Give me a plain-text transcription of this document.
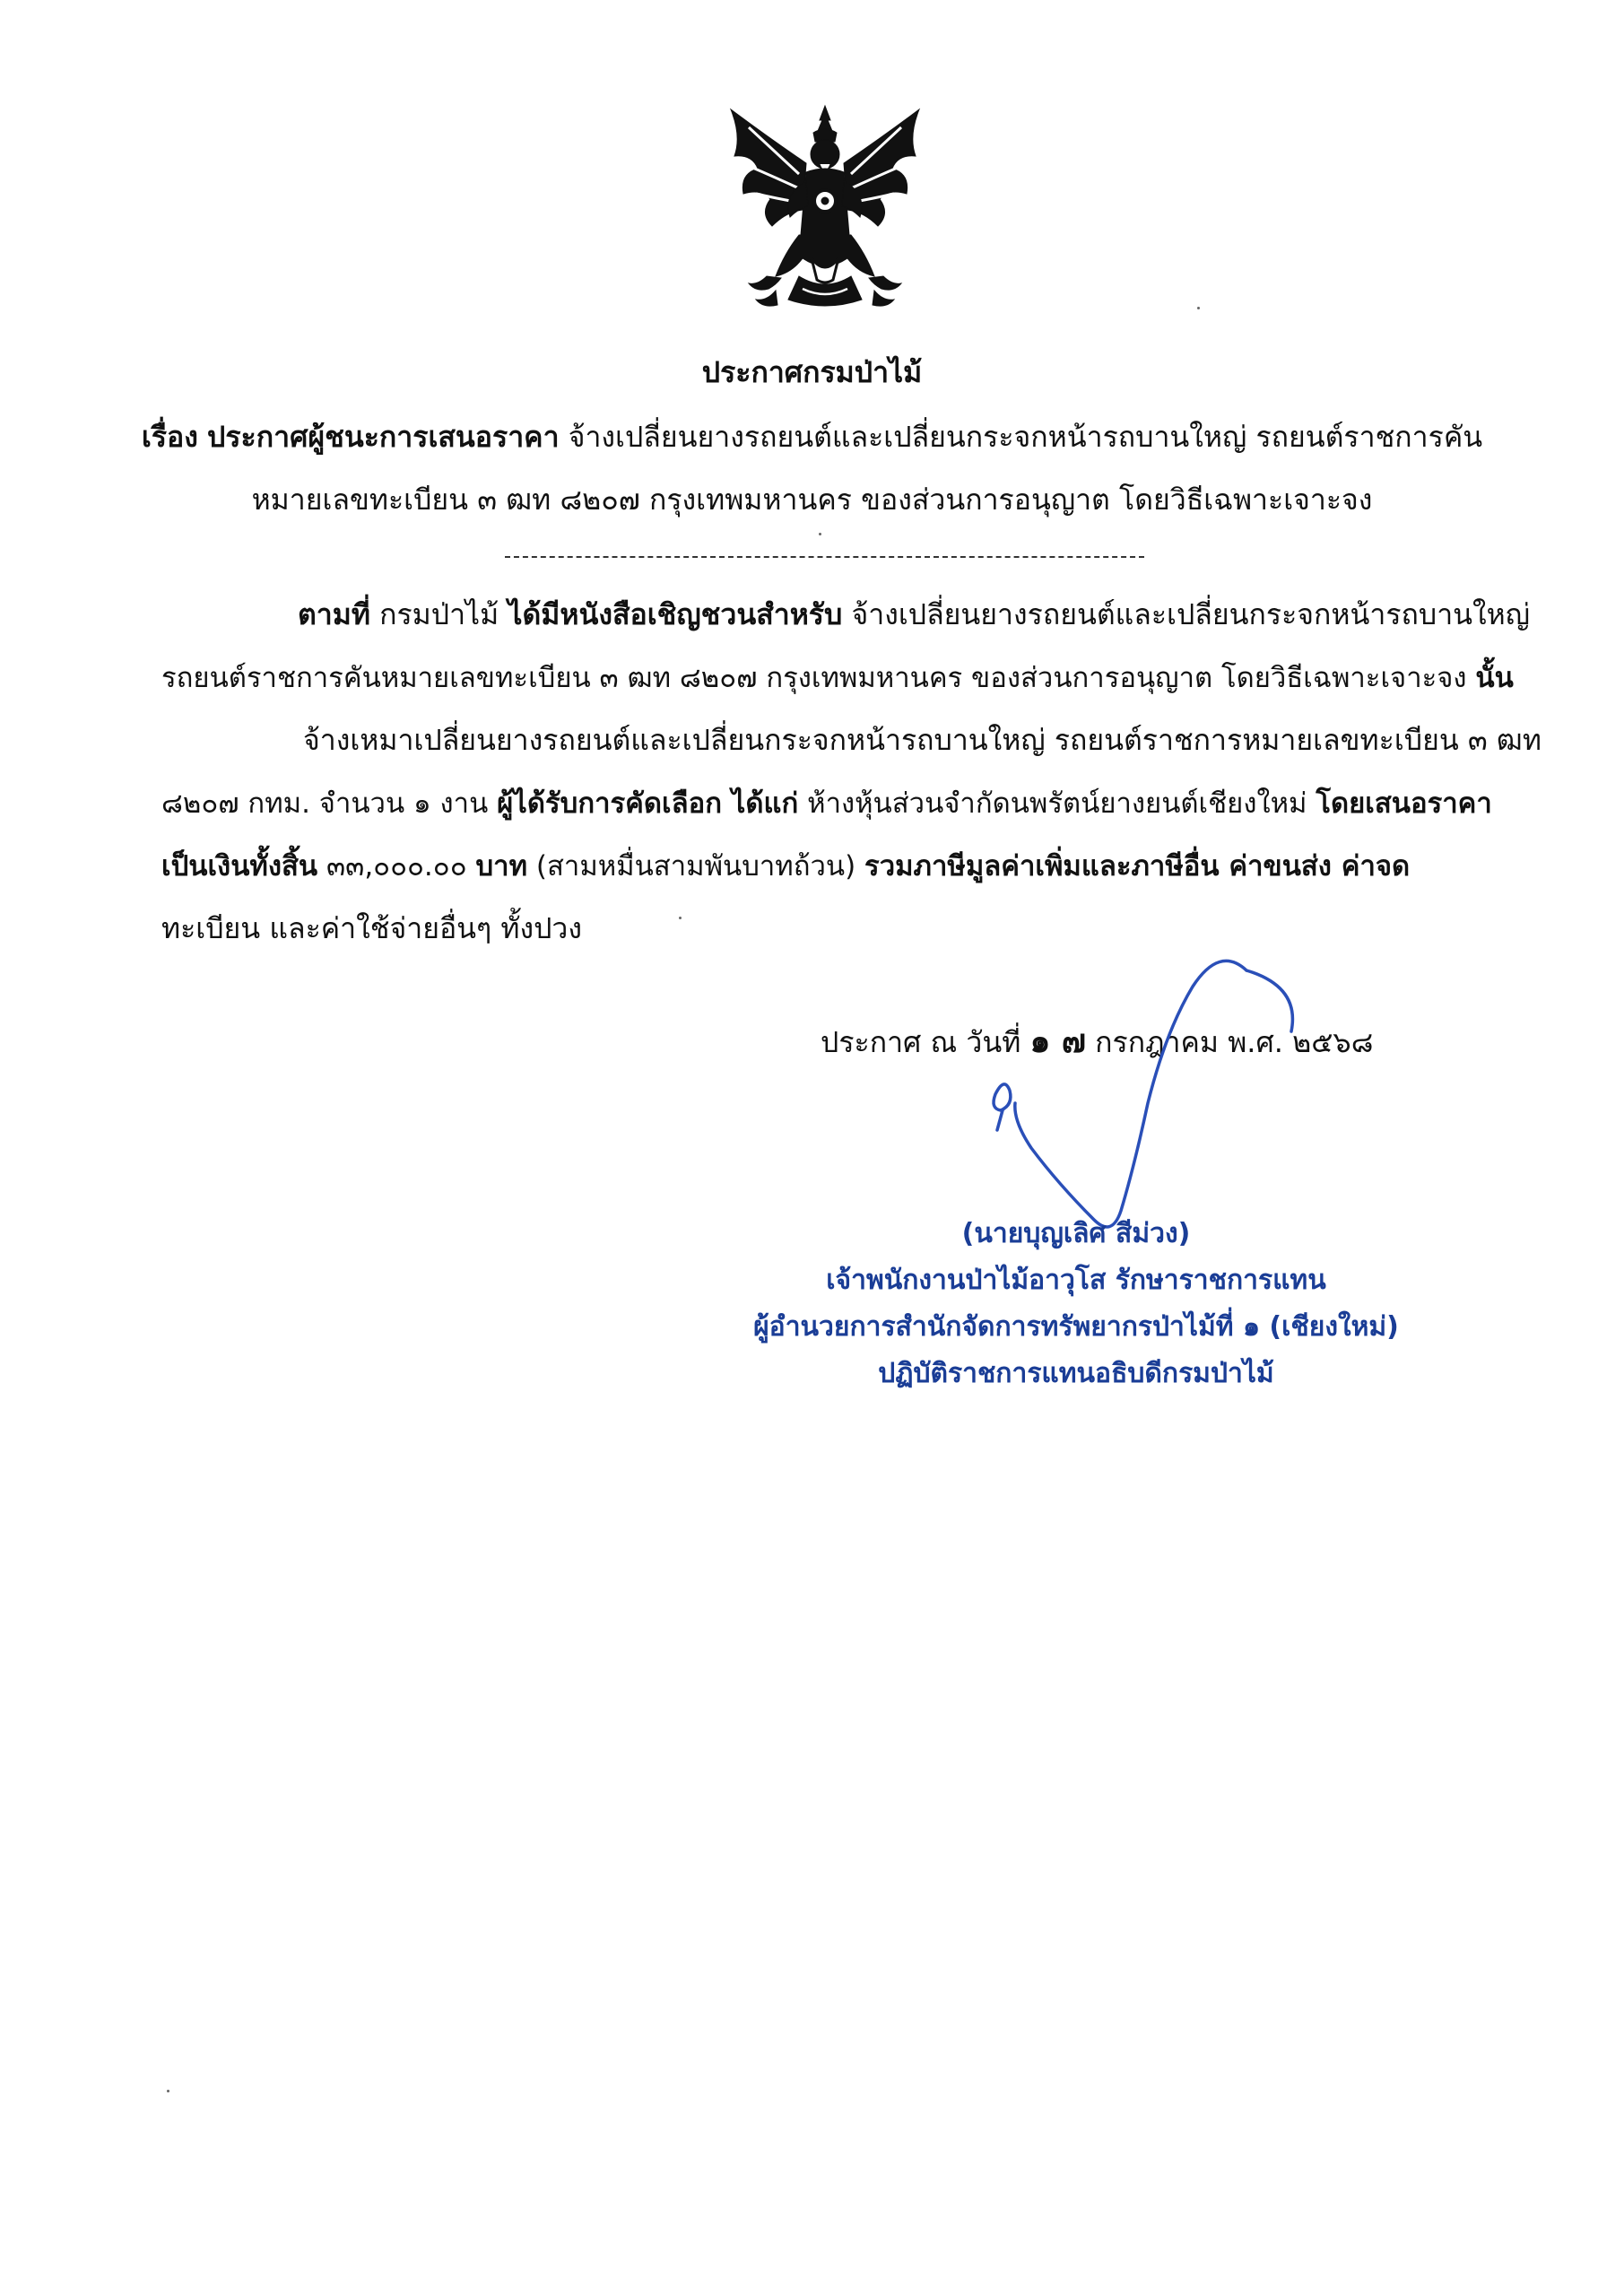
ประกาศกรมป่าไม้
เรื่อง ประกาศผู้ชนะการเสนอราคา จ้างเปลี่ยนยางรถยนต์และเปลี่ยนกระจกหน้ารถบานใหญ่ รถยนต์ราชการคัน
หมายเลขทะเบียน ๓ ฒท ๘๒๐๗ กรุงเทพมหานคร ของส่วนการอนุญาต โดยวิธีเฉพาะเจาะจง
ตามที่ กรมป่าไม้ ได้มีหนังสือเชิญชวนสำหรับ จ้างเปลี่ยนยางรถยนต์และเปลี่ยนกระจกหน้ารถบานใหญ่
รถยนต์ราชการคันหมายเลขทะเบียน ๓ ฒท ๘๒๐๗ กรุงเทพมหานคร ของส่วนการอนุญาต โดยวิธีเฉพาะเจาะจง นั้น
จ้างเหมาเปลี่ยนยางรถยนต์และเปลี่ยนกระจกหน้ารถบานใหญ่ รถยนต์ราชการหมายเลขทะเบียน ๓ ฒท
๘๒๐๗ กทม. จำนวน ๑ งาน ผู้ได้รับการคัดเลือก ได้แก่ ห้างหุ้นส่วนจำกัดนพรัตน์ยางยนต์เชียงใหม่ โดยเสนอราคา
เป็นเงินทั้งสิ้น ๓๓,๐๐๐.๐๐ บาท (สามหมื่นสามพันบาทถ้วน) รวมภาษีมูลค่าเพิ่มและภาษีอื่น ค่าขนส่ง ค่าจด
ทะเบียน และค่าใช้จ่ายอื่นๆ ทั้งปวง
ประกาศ ณ วันที่ ๑ ๗ กรกฎาคม พ.ศ. ๒๕๖๘
(นายบุญเลิศ สีม่วง)
เจ้าพนักงานป่าไม้อาวุโส รักษาราชการแทน
ผู้อำนวยการสำนักจัดการทรัพยากรป่าไม้ที่ ๑ (เชียงใหม่)
ปฏิบัติราชการแทนอธิบดีกรมป่าไม้
